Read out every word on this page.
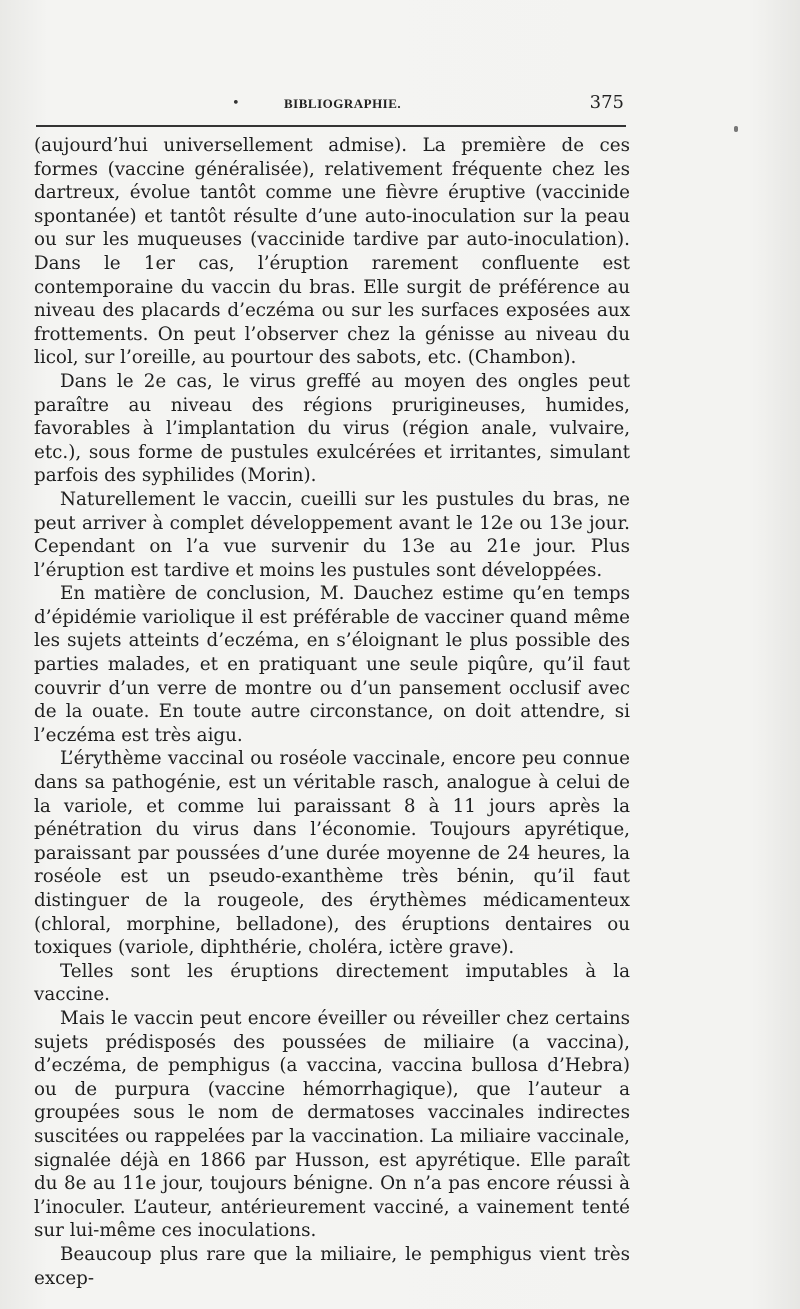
•	BIBLIOGRAPHIE.	375

(aujourd’hui universellement admise). La première de ces formes (vaccine généralisée), relativement fréquente chez les dartreux, évolue tantôt comme une fièvre éruptive (vaccinide spontanée) et tantôt résulte d’une auto-inoculation sur la peau ou sur les muqueuses (vaccinide tardive par auto-inoculation). Dans le 1er cas, l’éruption rarement confluente est contemporaine du vaccin du bras. Elle surgit de préférence au niveau des placards d’eczéma ou sur les surfaces exposées aux frottements. On peut l’observer chez la génisse au niveau du licol, sur l’oreille, au pourtour des sabots, etc. (Chambon).

Dans le 2e cas, le virus greffé au moyen des ongles peut paraître au niveau des régions prurigineuses, humides, favorables à l’implantation du virus (région anale, vulvaire, etc.), sous forme de pustules exulcérées et irritantes, simulant parfois des syphilides (Morin).

Naturellement le vaccin, cueilli sur les pustules du bras, ne peut arriver à complet développement avant le 12e ou 13e jour. Cependant on l’a vue survenir du 13e au 21e jour. Plus l’éruption est tardive et moins les pustules sont développées.

En matière de conclusion, M. Dauchez estime qu’en temps d’épidémie variolique il est préférable de vacciner quand même les sujets atteints d’eczéma, en s’éloignant le plus possible des parties malades, et en pratiquant une seule piqûre, qu’il faut couvrir d’un verre de montre ou d’un pansement occlusif avec de la ouate. En toute autre circonstance, on doit attendre, si l’eczéma est très aigu.

L’érythème vaccinal ou roséole vaccinale, encore peu connue dans sa pathogénie, est un véritable rasch, analogue à celui de la variole, et comme lui paraissant 8 à 11 jours après la pénétration du virus dans l’économie. Toujours apyrétique, paraissant par poussées d’une durée moyenne de 24 heures, la roséole est un pseudo-exanthème très bénin, qu’il faut distinguer de la rougeole, des érythèmes médicamenteux (chloral, morphine, belladone), des éruptions dentaires ou toxiques (variole, diphthérie, choléra, ictère grave).

Telles sont les éruptions directement imputables à la vaccine.

Mais le vaccin peut encore éveiller ou réveiller chez certains sujets prédisposés des poussées de miliaire (a vaccina), d’eczéma, de pemphigus (a vaccina, vaccina bullosa d’Hebra) ou de purpura (vaccine hémorrhagique), que l’auteur a groupées sous le nom de dermatoses vaccinales indirectes suscitées ou rappelées par la vaccination. La miliaire vaccinale, signalée déjà en 1866 par Husson, est apyrétique. Elle paraît du 8e au 11e jour, toujours bénigne. On n’a pas encore réussi à l’inoculer. L’auteur, antérieurement vacciné, a vainement tenté sur lui-même ces inoculations.

Beaucoup plus rare que la miliaire, le pemphigus vient très excep-
